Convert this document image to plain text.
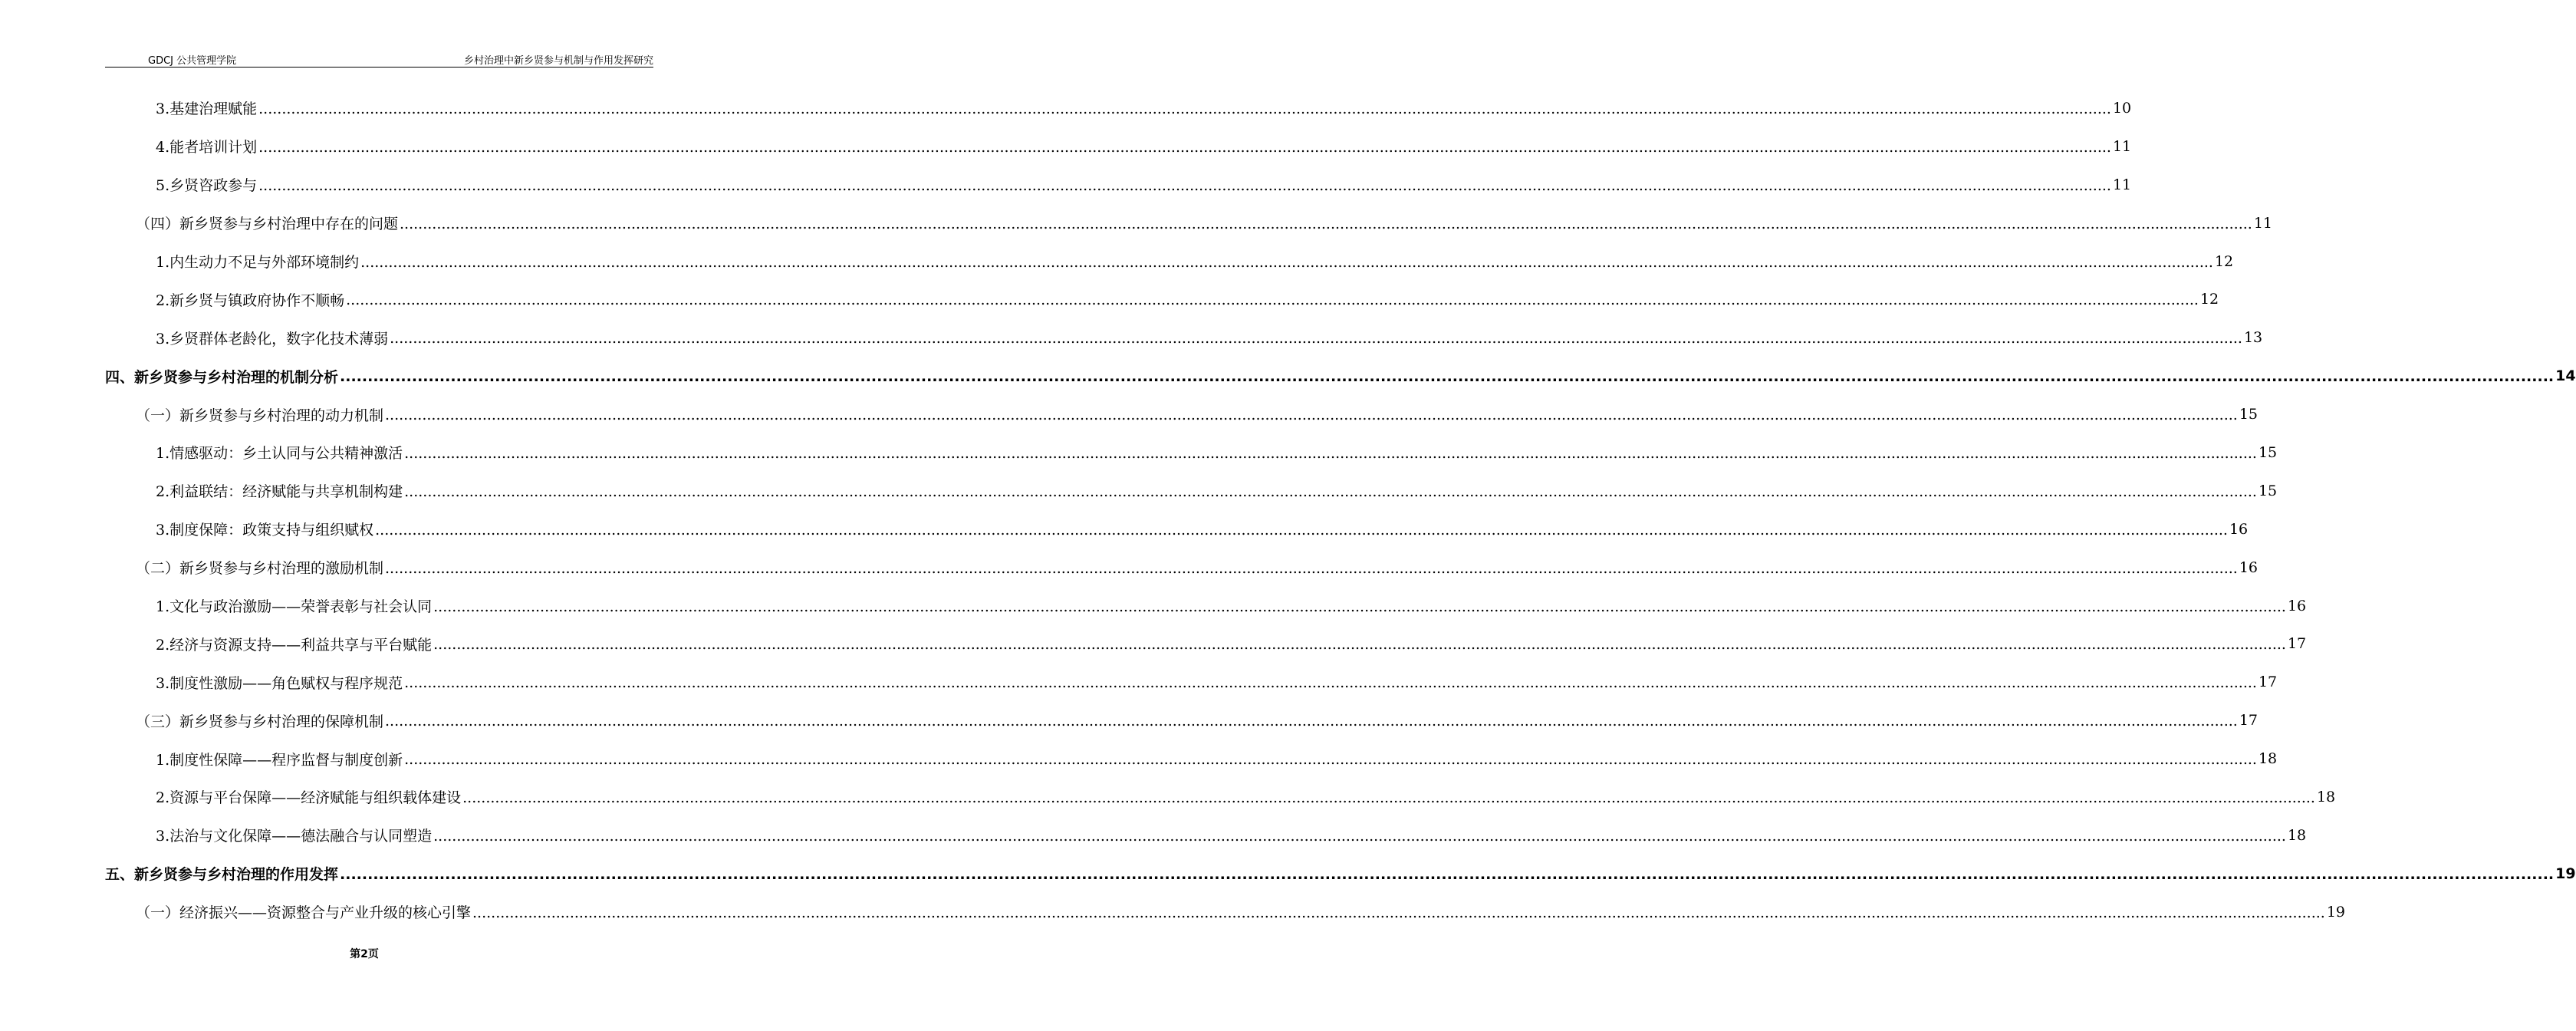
GDCJ 公共管理学院	乡村治理中新乡贤参与机制与作用发挥研究
3.基建治理赋能 ................................................................................................................................................................................................................................................................................................................................................................................................................ 10
4.能者培训计划 ................................................................................................................................................................................................................................................................................................................................................................................................................ 11
5.乡贤咨政参与 ................................................................................................................................................................................................................................................................................................................................................................................................................ 11
（四）新乡贤参与乡村治理中存在的问题 ................................................................................................................................................................................................................................................................................................................................................................................................................ 11
1.内生动力不足与外部环境制约 ................................................................................................................................................................................................................................................................................................................................................................................................................ 12
2.新乡贤与镇政府协作不顺畅 ................................................................................................................................................................................................................................................................................................................................................................................................................ 12
3.乡贤群体老龄化，数字化技术薄弱 ................................................................................................................................................................................................................................................................................................................................................................................................................ 13
四、新乡贤参与乡村治理的机制分析 ................................................................................................................................................................................................................................................................................................................................................................................................................ 14
（一）新乡贤参与乡村治理的动力机制 ................................................................................................................................................................................................................................................................................................................................................................................................................ 15
1.情感驱动：乡土认同与公共精神激活 ................................................................................................................................................................................................................................................................................................................................................................................................................ 15
2.利益联结：经济赋能与共享机制构建 ................................................................................................................................................................................................................................................................................................................................................................................................................ 15
3.制度保障：政策支持与组织赋权 ................................................................................................................................................................................................................................................................................................................................................................................................................ 16
（二）新乡贤参与乡村治理的激励机制 ................................................................................................................................................................................................................................................................................................................................................................................................................ 16
1.文化与政治激励——荣誉表彰与社会认同 ................................................................................................................................................................................................................................................................................................................................................................................................................ 16
2.经济与资源支持——利益共享与平台赋能 ................................................................................................................................................................................................................................................................................................................................................................................................................ 17
3.制度性激励——角色赋权与程序规范 ................................................................................................................................................................................................................................................................................................................................................................................................................ 17
（三）新乡贤参与乡村治理的保障机制 ................................................................................................................................................................................................................................................................................................................................................................................................................ 17
1.制度性保障——程序监督与制度创新 ................................................................................................................................................................................................................................................................................................................................................................................................................ 18
2.资源与平台保障——经济赋能与组织载体建设 ................................................................................................................................................................................................................................................................................................................................................................................................................ 18
3.法治与文化保障——德法融合与认同塑造 ................................................................................................................................................................................................................................................................................................................................................................................................................ 18
五、新乡贤参与乡村治理的作用发挥 ................................................................................................................................................................................................................................................................................................................................................................................................................ 19
（一）经济振兴——资源整合与产业升级的核心引擎 ................................................................................................................................................................................................................................................................................................................................................................................................................ 19
第2页
